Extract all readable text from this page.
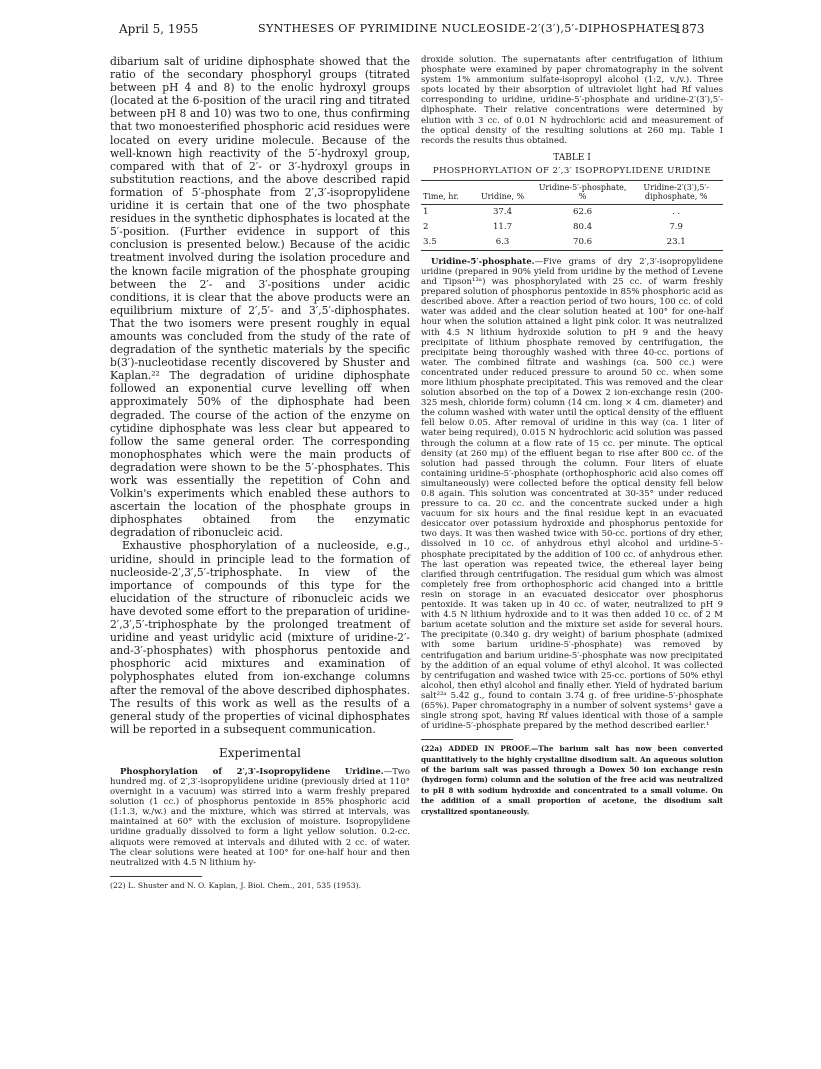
April 5, 1955	SYNTHESES OF PYRIMIDINE NUCLEOSIDE-2′(3′),5′-DIPHOSPHATES
1873

dibarium salt of uridine diphosphate showed that the ratio of the secondary phosphoryl groups (titrated between pH 4 and 8) to the enolic hydroxyl groups (located at the 6-position of the uracil ring and titrated between pH 8 and 10) was two to one, thus confirming that two monoesterified phosphoric acid residues were located on every uridine molecule. Because of the well-known high reactivity of the 5′-hydroxyl group, compared with that of 2′- or 3′-hydroxyl groups in substitution reactions, and the above described rapid formation of 5′-phosphate from 2′,3′-isopropylidene uridine it is certain that one of the two phosphate residues in the synthetic diphosphates is located at the 5′-position. (Further evidence in support of this conclusion is presented below.) Because of the acidic treatment involved during the isolation procedure and the known facile migration of the phosphate grouping between the 2′- and 3′-positions under acidic conditions, it is clear that the above products were an equilibrium mixture of 2′,5′- and 3′,5′-diphosphates. That the two isomers were present roughly in equal amounts was concluded from the study of the rate of degradation of the synthetic materials by the specific b(3′)-nucleotidase recently discovered by Shuster and Kaplan.²² The degradation of uridine diphosphate followed an exponential curve levelling off when approximately 50% of the diphosphate had been degraded. The course of the action of the enzyme on cytidine diphosphate was less clear but appeared to follow the same general order. The corresponding monophosphates which were the main products of degradation were shown to be the 5′-phosphates. This work was essentially the repetition of Cohn and Volkin's experiments which enabled these authors to ascertain the location of the phosphate groups in diphosphates obtained from the enzymatic degradation of ribonucleic acid.

Exhaustive phosphorylation of a nucleoside, e.g., uridine, should in principle lead to the formation of nucleoside-2′,3′,5′-triphosphate. In view of the importance of compounds of this type for the elucidation of the structure of ribonucleic acids we have devoted some effort to the preparation of uridine-2′,3′,5′-triphosphate by the prolonged treatment of uridine and yeast uridylic acid (mixture of uridine-2′-and-3′-phosphates) with phosphorus pentoxide and phosphoric acid mixtures and examination of polyphosphates eluted from ion-exchange columns after the removal of the above described diphosphates. The results of this work as well as the results of a general study of the properties of vicinal diphosphates will be reported in a subsequent communication.

Experimental

Phosphorylation of 2′,3′-Isopropylidene Uridine.—Two hundred mg. of 2′,3′-isopropylidene uridine (previously dried at 110° overnight in a vacuum) was stirred into a warm freshly prepared solution (1 cc.) of phosphorus pentoxide in 85% phosphoric acid (1:1.3, w./w.) and the mixture, which was stirred at intervals, was maintained at 60° with the exclusion of moisture. Isopropylidene uridine gradually dissolved to form a light yellow solution. 0.2-cc. aliquots were removed at intervals and diluted with 2 cc. of water. The clear solutions were heated at 100° for one-half hour and then neutralized with 4.5 N lithium hy-

(22) L. Shuster and N. O. Kaplan, J. Biol. Chem., 201, 535 (1953).

droxide solution. The supernatants after centrifugation of lithium phosphate were examined by paper chromatography in the solvent system 1% ammonium sulfate-isopropyl alcohol (1:2, v./v.). Three spots located by their absorption of ultraviolet light had Rf values corresponding to uridine, uridine-5′-phosphate and uridine-2′(3′),5′-diphosphate. Their relative concentrations were determined by elution with 3 cc. of 0.01 N hydrochloric acid and measurement of the optical density of the resulting solutions at 260 mμ. Table I records the results thus obtained.

TABLE I
PHOSPHORYLATION OF 2′,3′ ISOPROPYLIDENE URIDINE
Time, hr.	Uridine, %	Uridine-5′-phosphate, %	Uridine-2′(3′),5′-diphosphate, %
1	37.4	62.6	. .
2	11.7	80.4	7.9
3.5	6.3	70.6	23.1

Uridine-5′-phosphate.—Five grams of dry 2′,3′-isopropylidene uridine (prepared in 90% yield from uridine by the method of Levene and Tipson¹³ᵃ) was phosphorylated with 25 cc. of warm freshly prepared solution of phosphorus pentoxide in 85% phosphoric acid as described above. After a reaction period of two hours, 100 cc. of cold water was added and the clear solution heated at 100° for one-half hour when the solution attained a light pink color. It was neutralized with 4.5 N lithium hydroxide solution to pH 9 and the heavy precipitate of lithium phosphate removed by centrifugation, the precipitate being thoroughly washed with three 40-cc. portions of water. The combined filtrate and washings (ca. 500 cc.) were concentrated under reduced pressure to around 50 cc. when some more lithium phosphate precipitated. This was removed and the clear solution absorbed on the top of a Dowex 2 ion-exchange resin (200-325 mesh, chloride form) column (14 cm. long × 4 cm. diameter) and the column washed with water until the optical density of the effluent fell below 0.05. After removal of uridine in this way (ca. 1 liter of water being required), 0.015 N hydrochloric acid solution was passed through the column at a flow rate of 15 cc. per minute. The optical density (at 260 mμ) of the effluent began to rise after 800 cc. of the solution had passed through the column. Four liters of eluate containing uridine-5′-phosphate (orthophosphoric acid also comes off simultaneously) were collected before the optical density fell below 0.8 again. This solution was concentrated at 30-35° under reduced pressure to ca. 20 cc. and the concentrate sucked under a high vacuum for six hours and the final residue kept in an evacuated desiccator over potassium hydroxide and phosphorus pentoxide for two days. It was then washed twice with 50-cc. portions of dry ether, dissolved in 10 cc. of anhydrous ethyl alcohol and uridine-5′-phosphate precipitated by the addition of 100 cc. of anhydrous ether. The last operation was repeated twice, the ethereal layer being clarified through centrifugation. The residual gum which was almost completely free from orthophosphoric acid changed into a brittle resin on storage in an evacuated desiccator over phosphorus pentoxide. It was taken up in 40 cc. of water, neutralized to pH 9 with 4.5 N lithium hydroxide and to it was then added 10 cc. of 2 M barium acetate solution and the mixture set aside for several hours. The precipitate (0.340 g. dry weight) of barium phosphate (admixed with some barium uridine-5′-phosphate) was removed by centrifugation and barium uridine-5′-phosphate was now precipitated by the addition of an equal volume of ethyl alcohol. It was collected by centrifugation and washed twice with 25-cc. portions of 50% ethyl alcohol, then ethyl alcohol and finally ether. Yield of hydrated barium salt²²ᵃ 5.42 g., found to contain 3.74 g. of free uridine-5′-phosphate (65%). Paper chromatography in a number of solvent systems¹ gave a single strong spot, having Rf values identical with those of a sample of uridine-5′-phosphate prepared by the method described earlier.¹

(22a) ADDED IN PROOF.—The barium salt has now been converted quantitatively to the highly crystalline disodium salt. An aqueous solution of the barium salt was passed through a Dowex 50 ion exchange resin (hydrogen form) column and the solution of the free acid was neutralized to pH 8 with sodium hydroxide and concentrated to a small volume. On the addition of a small proportion of acetone, the disodium salt crystallized spontaneously.
